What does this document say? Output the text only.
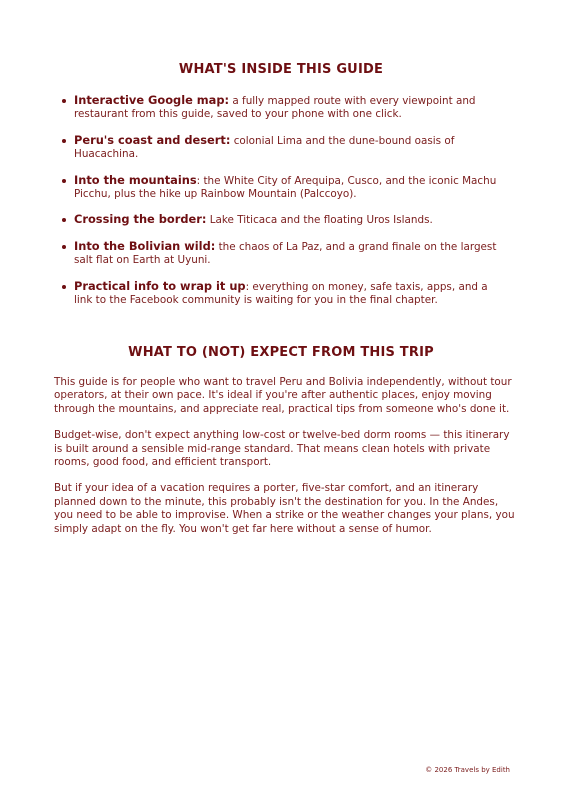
WHAT'S INSIDE THIS GUIDE
Interactive Google map: a fully mapped route with every viewpoint and restaurant from this guide, saved to your phone with one click.
Peru's coast and desert: colonial Lima and the dune-bound oasis of Huacachina.
Into the mountains: the White City of Arequipa, Cusco, and the iconic Machu Picchu, plus the hike up Rainbow Mountain (Palccoyo).
Crossing the border: Lake Titicaca and the floating Uros Islands.
Into the Bolivian wild: the chaos of La Paz, and a grand finale on the largest salt flat on Earth at Uyuni.
Practical info to wrap it up: everything on money, safe taxis, apps, and a link to the Facebook community is waiting for you in the final chapter.
WHAT TO (NOT) EXPECT FROM THIS TRIP

This guide is for people who want to travel Peru and Bolivia independently, without tour operators, at their own pace. It's ideal if you're after authentic places, enjoy moving through the mountains, and appreciate real, practical tips from someone who's done it.

Budget-wise, don't expect anything low-cost or twelve-bed dorm rooms — this itinerary is built around a sensible mid-range standard. That means clean hotels with private rooms, good food, and efficient transport.

But if your idea of a vacation requires a porter, five-star comfort, and an itinerary planned down to the minute, this probably isn't the destination for you. In the Andes, you need to be able to improvise. When a strike or the weather changes your plans, you simply adapt on the fly. You won't get far here without a sense of humor.

© 2026 Travels by Edith
